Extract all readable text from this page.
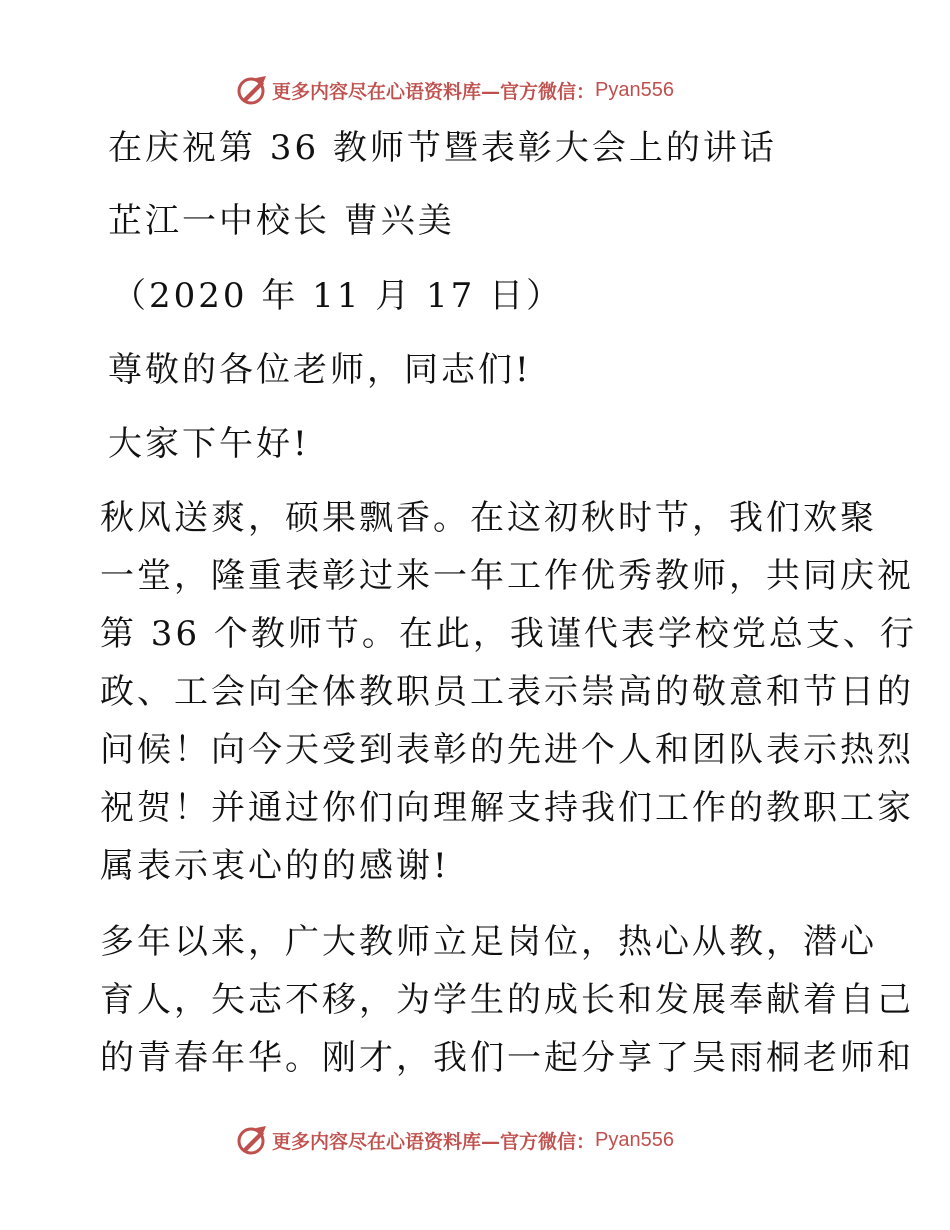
更多内容尽在心语资料库—官方微信： Pyan556
在庆祝第 36 教师节暨表彰大会上的讲话
芷江一中校长 曹兴美
（2020 年 11 月 17 日）
尊敬的各位老师，同志们!
大家下午好!
秋风送爽，硕果飘香。在这初秋时节，我们欢聚
一堂，隆重表彰过来一年工作优秀教师，共同庆祝
第 36 个教师节。在此，我谨代表学校党总支、行
政、工会向全体教职员工表示崇高的敬意和节日的
问候！向今天受到表彰的先进个人和团队表示热烈
祝贺！并通过你们向理解支持我们工作的教职工家
属表示衷心的的感谢!
多年以来，广大教师立足岗位，热心从教，潜心
育人，矢志不移，为学生的成长和发展奉献着自己
的青春年华。刚才，我们一起分享了吴雨桐老师和
更多内容尽在心语资料库—官方微信： Pyan556
